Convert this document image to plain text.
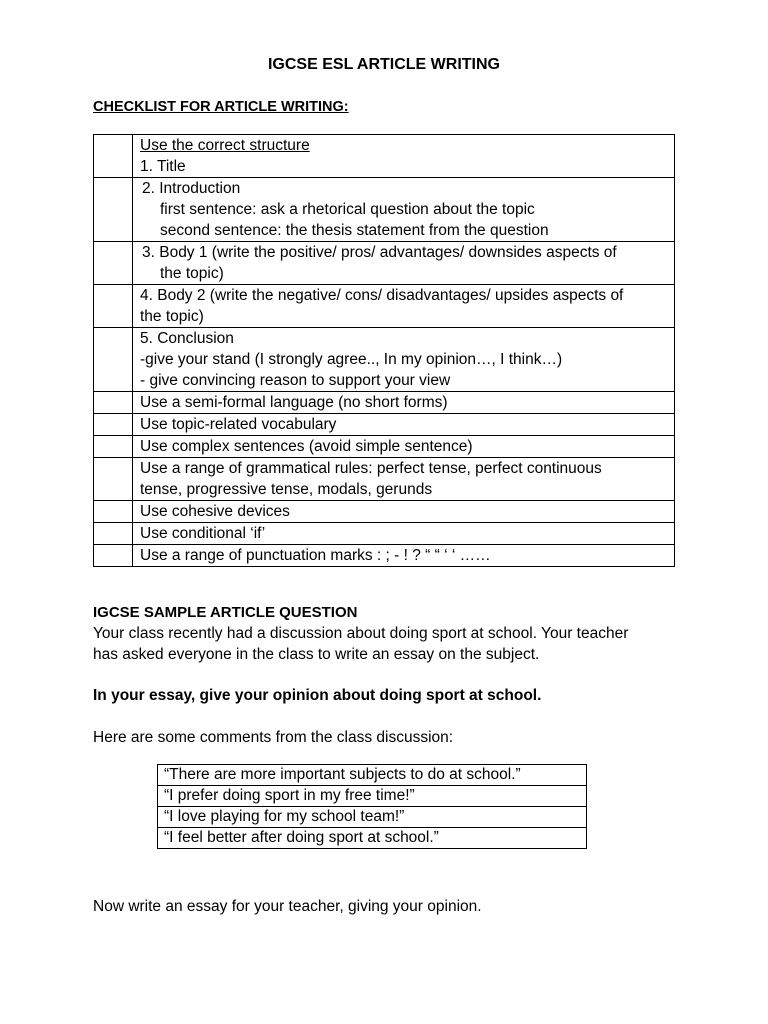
IGCSE ESL ARTICLE WRITING
CHECKLIST FOR ARTICLE WRITING:

	Use the correct structure
1. Title

	2. Introduction
first sentence: ask a rhetorical question about the topic
second sentence: the thesis statement from the question

	3. Body 1 (write the positive/ pros/ advantages/ downsides aspects of
the topic)

	4. Body 2 (write the negative/ cons/ disadvantages/ upsides aspects of
the topic)

	5. Conclusion
-give your stand (I strongly agree.., In my opinion…, I think…)
- give convincing reason to support your view

	Use a semi-formal language (no short forms)

	Use topic-related vocabulary

	Use complex sentences (avoid simple sentence)

	Use a range of grammatical rules: perfect tense, perfect continuous
tense, progressive tense, modals, gerunds

	Use cohesive devices

	Use conditional ‘if’

	Use a range of punctuation marks : ; - ! ? “ “ ‘ ‘ ……
IGCSE SAMPLE ARTICLE QUESTION
Your class recently had a discussion about doing sport at school. Your teacher
has asked everyone in the class to write an essay on the subject.
In your essay, give your opinion about doing sport at school.
Here are some comments from the class discussion:
“There are more important subjects to do at school.”
“I prefer doing sport in my free time!”
“I love playing for my school team!”
“I feel better after doing sport at school.”
Now write an essay for your teacher, giving your opinion.
